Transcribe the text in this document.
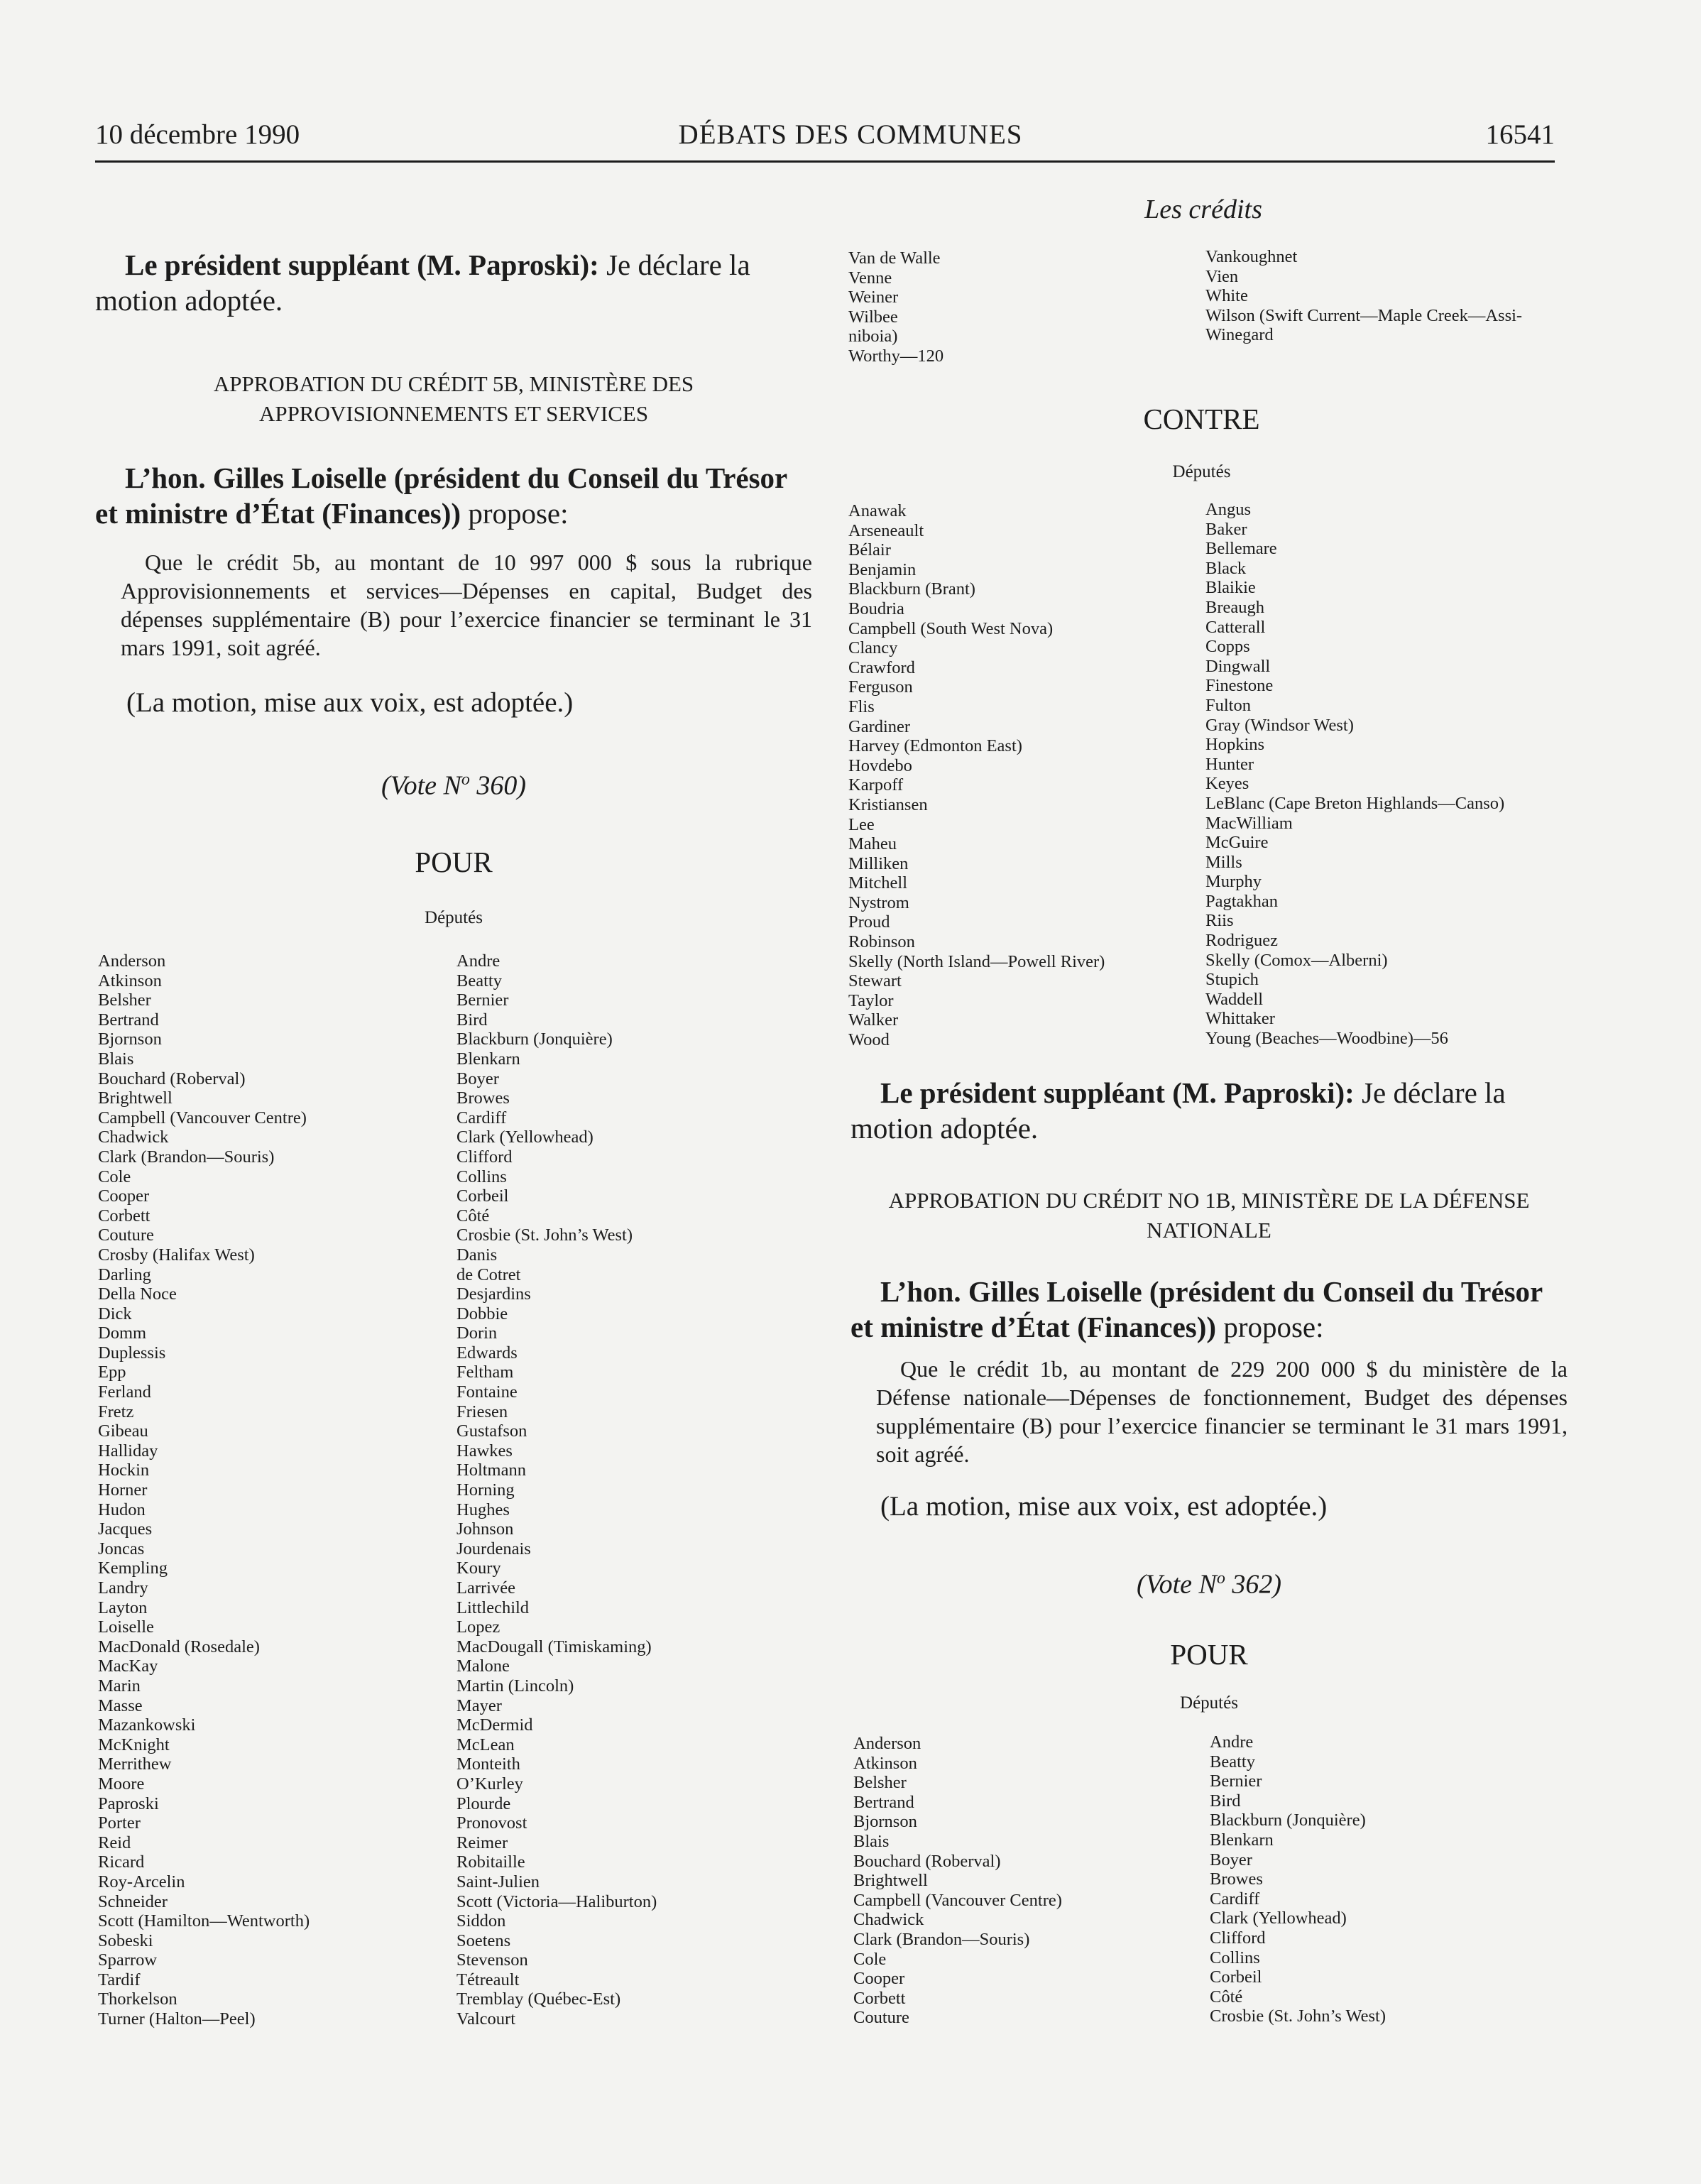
10 décembre 1990	DÉBATS DES COMMUNES	16541
Les crédits
Le président suppléant (M. Paproski): Je déclare la motion adoptée.
APPROBATION DU CRÉDIT 5B, MINISTÈRE DES APPROVISIONNEMENTS ET SERVICES
L’hon. Gilles Loiselle (président du Conseil du Trésor et ministre d’État (Finances)) propose:
Que le crédit 5b, au montant de 10 997 000 $ sous la rubrique Approvisionnements et services—Dépenses en capital, Budget des dépenses supplémentaire (B) pour l’exercice financier se terminant le 31 mars 1991, soit agréé.
(La motion, mise aux voix, est adoptée.)
(Vote $N^o$ 360)
POUR
Députés
Anderson
Atkinson
Belsher
Bertrand
Bjornson
Blais
Bouchard (Roberval)
Brightwell
Campbell (Vancouver Centre)
Chadwick
Clark (Brandon—Souris)
Cole
Cooper
Corbett
Couture
Crosby (Halifax West)
Darling
Della Noce
Dick
Domm
Duplessis
Epp
Ferland
Fretz
Gibeau
Halliday
Hockin
Horner
Hudon
Jacques
Joncas
Kempling
Landry
Layton
Loiselle
MacDonald (Rosedale)
MacKay
Marin
Masse
Mazankowski
McKnight
Merrithew
Moore
Paproski
Porter
Reid
Ricard
Roy-Arcelin
Schneider
Scott (Hamilton—Wentworth)
Sobeski
Sparrow
Tardif
Thorkelson
Turner (Halton—Peel)
Andre
Beatty
Bernier
Bird
Blackburn (Jonquière)
Blenkarn
Boyer
Browes
Cardiff
Clark (Yellowhead)
Clifford
Collins
Corbeil
Côté
Crosbie (St. John’s West)
Danis
de Cotret
Desjardins
Dobbie
Dorin
Edwards
Feltham
Fontaine
Friesen
Gustafson
Hawkes
Holtmann
Horning
Hughes
Johnson
Jourdenais
Koury
Larrivée
Littlechild
Lopez
MacDougall (Timiskaming)
Malone
Martin (Lincoln)
Mayer
McDermid
McLean
Monteith
O’Kurley
Plourde
Pronovost
Reimer
Robitaille
Saint-Julien
Scott (Victoria—Haliburton)
Siddon
Soetens
Stevenson
Tétreault
Tremblay (Québec-Est)
Valcourt
Van de Walle
Venne
Weiner
Wilbee
niboia)
Worthy—120
Vankoughnet
Vien
White
Wilson (Swift Current—Maple Creek—Assi-
Winegard
CONTRE
Députés
Anawak
Arseneault
Bélair
Benjamin
Blackburn (Brant)
Boudria
Campbell (South West Nova)
Clancy
Crawford
Ferguson
Flis
Gardiner
Harvey (Edmonton East)
Hovdebo
Karpoff
Kristiansen
Lee
Maheu
Milliken
Mitchell
Nystrom
Proud
Robinson
Skelly (North Island—Powell River)
Stewart
Taylor
Walker
Wood
Angus
Baker
Bellemare
Black
Blaikie
Breaugh
Catterall
Copps
Dingwall
Finestone
Fulton
Gray (Windsor West)
Hopkins
Hunter
Keyes
LeBlanc (Cape Breton Highlands—Canso)
MacWilliam
McGuire
Mills
Murphy
Pagtakhan
Riis
Rodriguez
Skelly (Comox—Alberni)
Stupich
Waddell
Whittaker
Young (Beaches—Woodbine)—56
Le président suppléant (M. Paproski): Je déclare la motion adoptée.
APPROBATION DU CRÉDIT NO 1B, MINISTÈRE DE LA DÉFENSE NATIONALE
L’hon. Gilles Loiselle (président du Conseil du Trésor et ministre d’État (Finances)) propose:
Que le crédit 1b, au montant de 229 200 000 $ du ministère de la Défense nationale—Dépenses de fonctionnement, Budget des dépenses supplémentaire (B) pour l’exercice financier se terminant le 31 mars 1991, soit agréé.
(La motion, mise aux voix, est adoptée.)
(Vote $N^o$ 362)
POUR
Députés
Anderson
Atkinson
Belsher
Bertrand
Bjornson
Blais
Bouchard (Roberval)
Brightwell
Campbell (Vancouver Centre)
Chadwick
Clark (Brandon—Souris)
Cole
Cooper
Corbett
Couture
Andre
Beatty
Bernier
Bird
Blackburn (Jonquière)
Blenkarn
Boyer
Browes
Cardiff
Clark (Yellowhead)
Clifford
Collins
Corbeil
Côté
Crosbie (St. John’s West)
